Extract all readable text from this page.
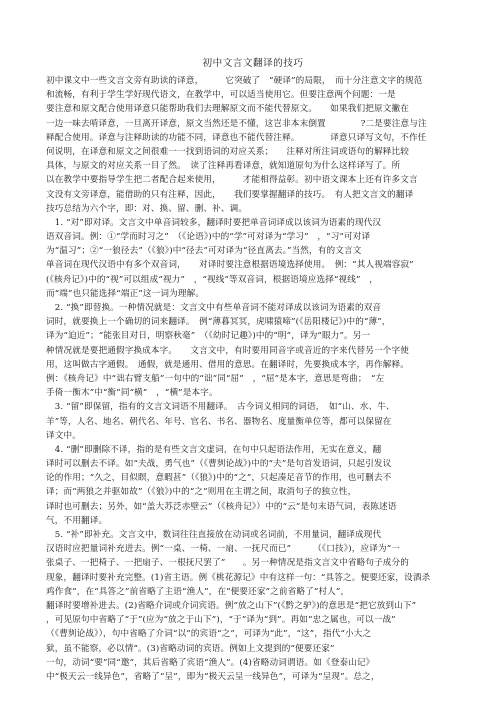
初中文言文翻译的技巧
初中课文中一些文言文旁有助读的译意，　　　它突破了　“硬译”的局限，　而十分注意文字的规范
和流畅，有利于学生学好现代语文，在教学中，可以适当使用它。但要注意两个问题：一是
要注意和原文配合使用译意只能帮助我们去理解原文而不能代替原文。　　如果我们把原文撇在
一边一味去啃译意，一旦离开译意，原文当然还是不懂，这岂非本末倒置　　　　?二是要注意与注
释配合使用。译意与注释助读的功能不同，译意也不能代替注释。　　　　译意只译写文句，不作任
何说明，在译意和原文之间很难一一找到语词的对应关系；　　注释对所注词或语句的解释比较
具体，与原文的对应关系一目了然。　读了注释再看译意，就知道原句为什么这样译写了。所
以在教学中要指导学生把二者配合起来使用，　　　才能相得益彰。初中语文课本上还有许多文言
文没有文旁译意，能借助的只有注释，因此，　　我们要掌握翻译的技巧。　有人把文言文的翻译
技巧总结为六个字，即：对、换、留、删、补、调。
　1. “对”即对译。文言文中单音词较多，翻译时要把单音词译成以该词为语素的现代汉
语双音词。例：①“学而时习之”　（《论语》)中的“学”可对译为“学习”　，“习”可对译
为“温习”；②“一狼径去”（《狼》)中“径去”可对译为“径直离去。”当然，有的文言文
单音词在现代汉语中有多个双音词，　　对译时要注意根据语境选择使用。　例：“其人视端容寂”
(《核舟记》)中的“视”可以组成“视力”　，“视线”等双音词，根据语境应选择“视线”　，
而“端”也只能选择“端正”这一词为理解。
　2. “换”即替换。一种情况就是：文言文中有些单音词不能对译成以该词为语素的双音
词时，就要换上一个确切的词来翻译。　例“薄暮冥冥，虎啸猿啼”(《岳阳楼记》)中的“薄”，
译为“迫近”；“能张目对日，明察秋毫”　（《幼时记趣》)中的“明”，译为“眼力”。另一
种情况就是要把通假字换成本字。　　文言文中，有时要用同音字或音近的字来代替另一个字使
用，这叫做古字通假。　通假，就是通用、借用的意思。在翻译时，先要换成本字，再作解释。
例：《核舟记》中“诎右臂支船”一句中的“诎”同“屈”　，“屈”是本字，意思是弯曲；　“左
手倚一衡木”中“衡”同“横”　，“横”是本字。
　3. “留”即保留，指有的文言文词语不用翻译。　古今词义相同的词语，　如“山、水、牛、
羊”等，人名、地名、朝代名、年号、官名、书名、器物名、度量衡单位等，都可以保留在
译文中。
　4. “删”即删除不译，指的是有些文言文虚词，在句中只起语法作用，无实在意义，翻
译时可以删去不译。如“夫战，勇气也”（《曹刿论战》)中的“夫”是句首发语词，只起引发议
论的作用；“久之，目似瞑，意暇甚”（《狼》)中的“之”，只起凑足音节的作用，也可删去不
译；而“两狼之并驱如故”（《狼》)中的“之”则用在主谓之间，取消句子的独立性，
译时也可删去；另外，如“盖大苏泛赤壁云”（《核舟记》）中的“云”是句末语气词，表陈述语
气，不用翻译。
　5. “补”即补充。文言文中，数词往往直接放在动词或名词前，不用量词，翻译成现代
汉语时应把量词补充进去。例“一桌、一椅、一扇、一抚尺而已”　　　（《口技》)，应译为“一
张桌子、一把椅子、一把扇子、一根抚尺罢了”　　。另一种情况是指文言文中省略句子成分的
现象，翻译时要补充完整。(1)省主语。例《桃花源记》中有这样一句：“具答之。便要还家，设酒杀
鸡作食”，在“具答之”前省略了主语“渔人”，在“便要还家”之前省略了“村人”，
翻译时要增补进去。(2)省略介词或介词宾语。例“放之山下”(《黔之驴》)的意思是“把它放到山下”
，可见原句中省略了“于”(应为“放之于山下”)，“于”译为“到”。再如“忠之属也，可以一战”
（《曹刿论战》），句中省略了介词“以”的宾语“之”，可译为“此”，“这”，指代“小大之
狱，虽不能察，必以情”。(3)省略动词的宾语。例如上文提到的“便要还家”
一句，动词“要”同“邀”，其后省略了宾语“渔人”。(4)省略动词谓语。如《登泰山记》
中“极天云一线异色”，省略了“呈”，即为“极天云呈一线异色”，可译为“呈现”。总之，
